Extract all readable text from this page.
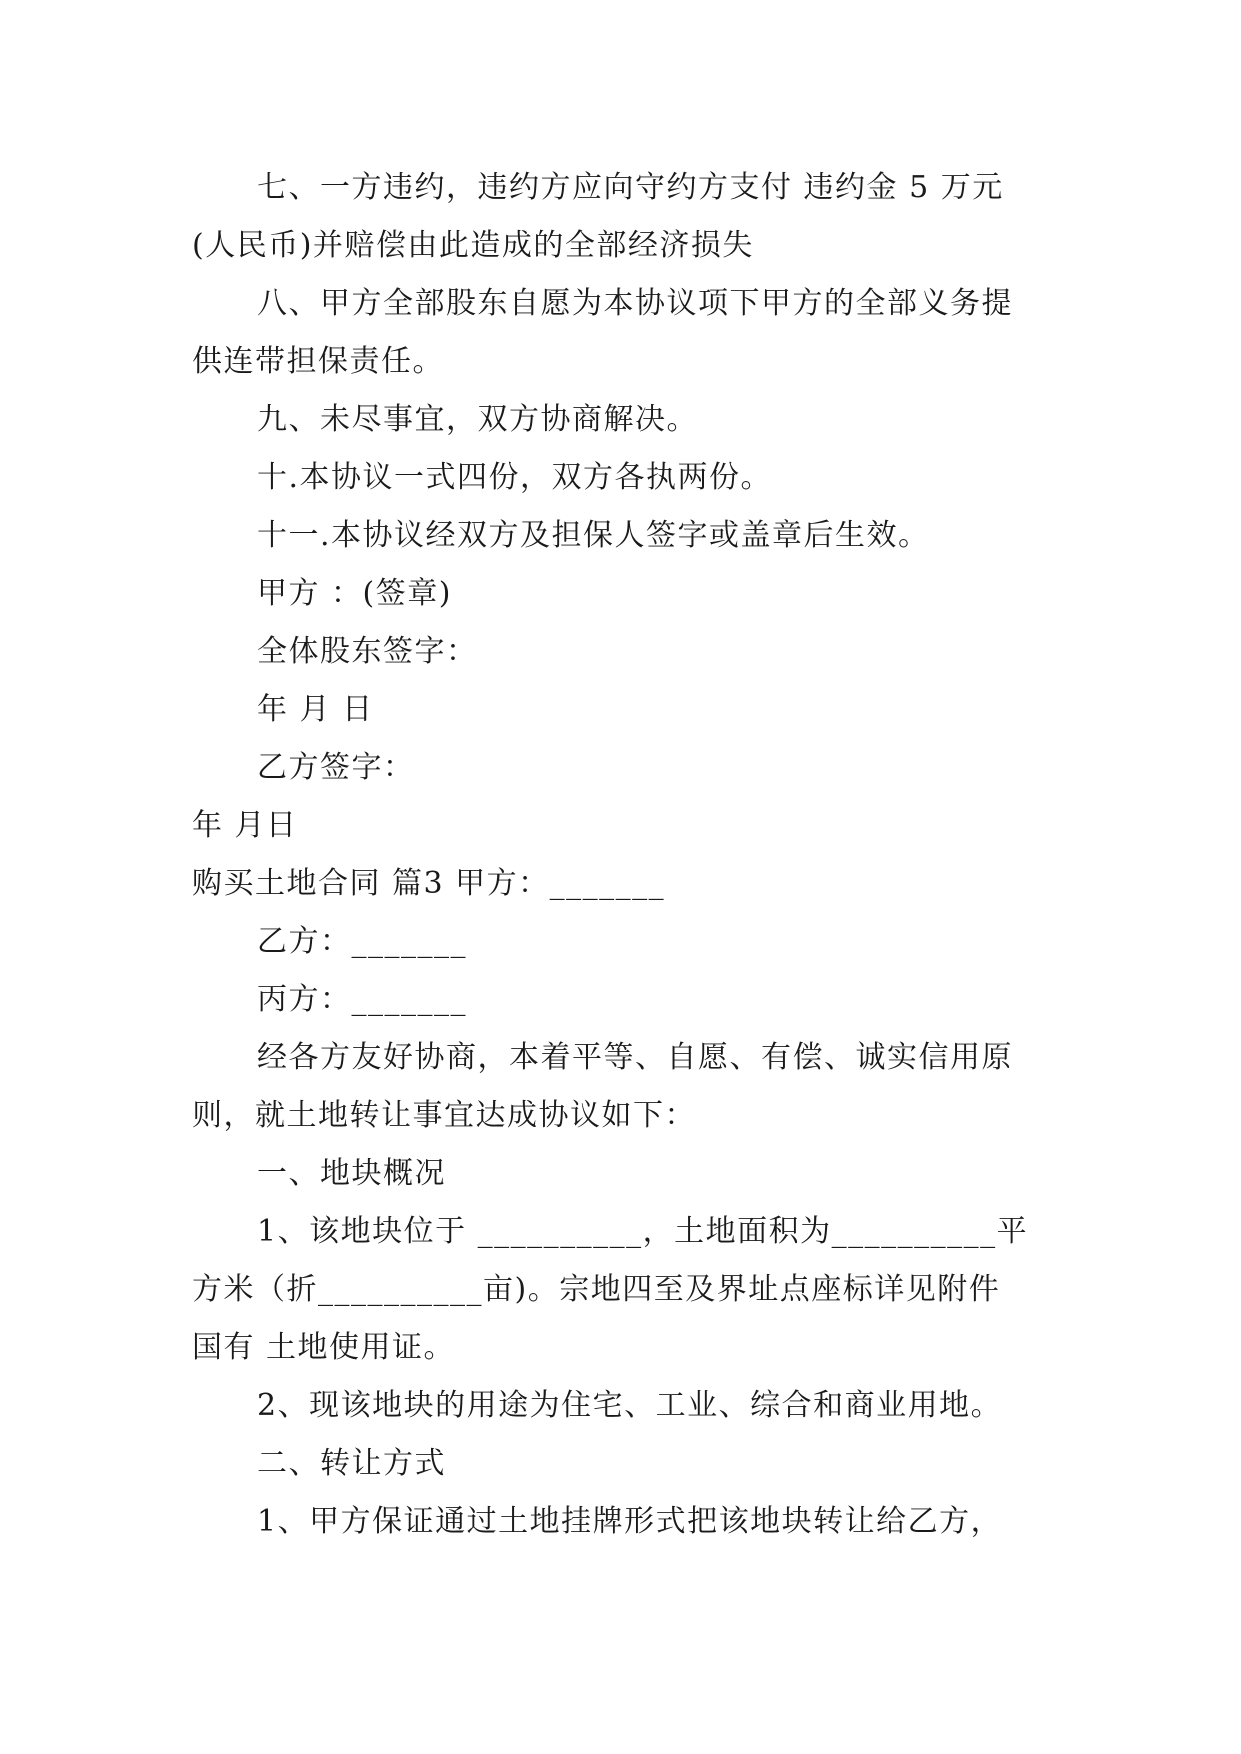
七、一方违约，违约方应向守约方支付 违约金 5 万元
(人民币)并赔偿由此造成的全部经济损失
八、甲方全部股东自愿为本协议项下甲方的全部义务提
供连带担保责任。
九、未尽事宜，双方协商解决。
十.本协议一式四份，双方各执两份。
十一.本协议经双方及担保人签字或盖章后生效。
甲方 ：(签章)
全体股东签字：
年 月 日
乙方签字：
年 月日
购买土地合同 篇3 甲方：_______
乙方：_______
丙方：_______
经各方友好协商，本着平等、自愿、有偿、诚实信用原
则，就土地转让事宜达成协议如下：
一、地块概况
1、该地块位于 __________，土地面积为__________平
方米（折__________亩)。宗地四至及界址点座标详见附件
国有 土地使用证。
2、现该地块的用途为住宅、工业、综合和商业用地。
二、转让方式
1、甲方保证通过土地挂牌形式把该地块转让给乙方，
